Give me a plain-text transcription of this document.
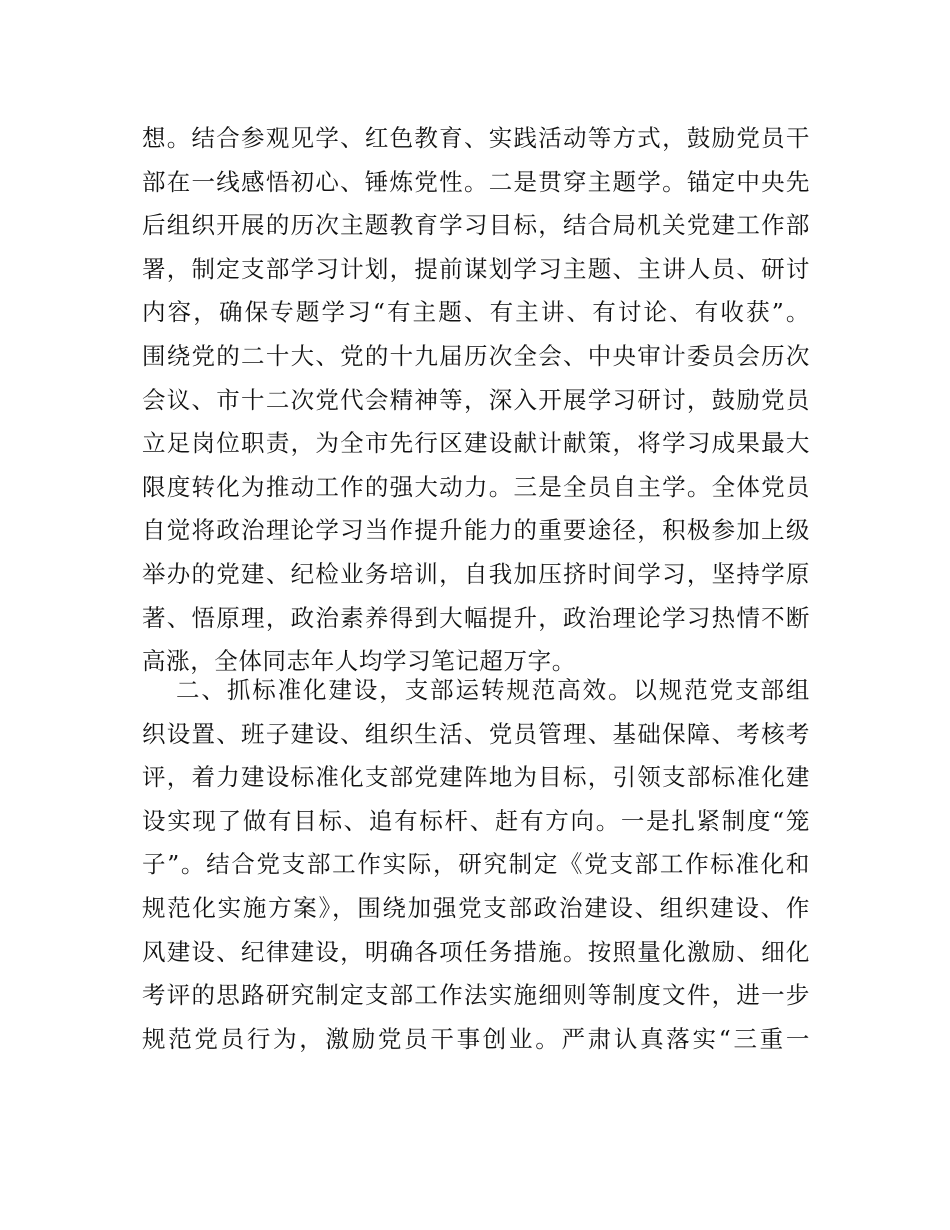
想。结合参观见学、红色教育、实践活动等方式，鼓励党员干
部在一线感悟初心、锤炼党性。二是贯穿主题学。锚定中央先
后组织开展的历次主题教育学习目标，结合局机关党建工作部
署，制定支部学习计划，提前谋划学习主题、主讲人员、研讨
内容，确保专题学习“有主题、有主讲、有讨论、有收获”。
围绕党的二十大、党的十九届历次全会、中央审计委员会历次
会议、市十二次党代会精神等，深入开展学习研讨，鼓励党员
立足岗位职责，为全市先行区建设献计献策，将学习成果最大
限度转化为推动工作的强大动力。三是全员自主学。全体党员
自觉将政治理论学习当作提升能力的重要途径，积极参加上级
举办的党建、纪检业务培训，自我加压挤时间学习，坚持学原
著、悟原理，政治素养得到大幅提升，政治理论学习热情不断
高涨，全体同志年人均学习笔记超万字。
二、抓标准化建设，支部运转规范高效。以规范党支部组
织设置、班子建设、组织生活、党员管理、基础保障、考核考
评，着力建设标准化支部党建阵地为目标，引领支部标准化建
设实现了做有目标、追有标杆、赶有方向。一是扎紧制度“笼
子”。结合党支部工作实际，研究制定《党支部工作标准化和
规范化实施方案》，围绕加强党支部政治建设、组织建设、作
风建设、纪律建设，明确各项任务措施。按照量化激励、细化
考评的思路研究制定支部工作法实施细则等制度文件，进一步
规范党员行为，激励党员干事创业。严肃认真落实“三重一
